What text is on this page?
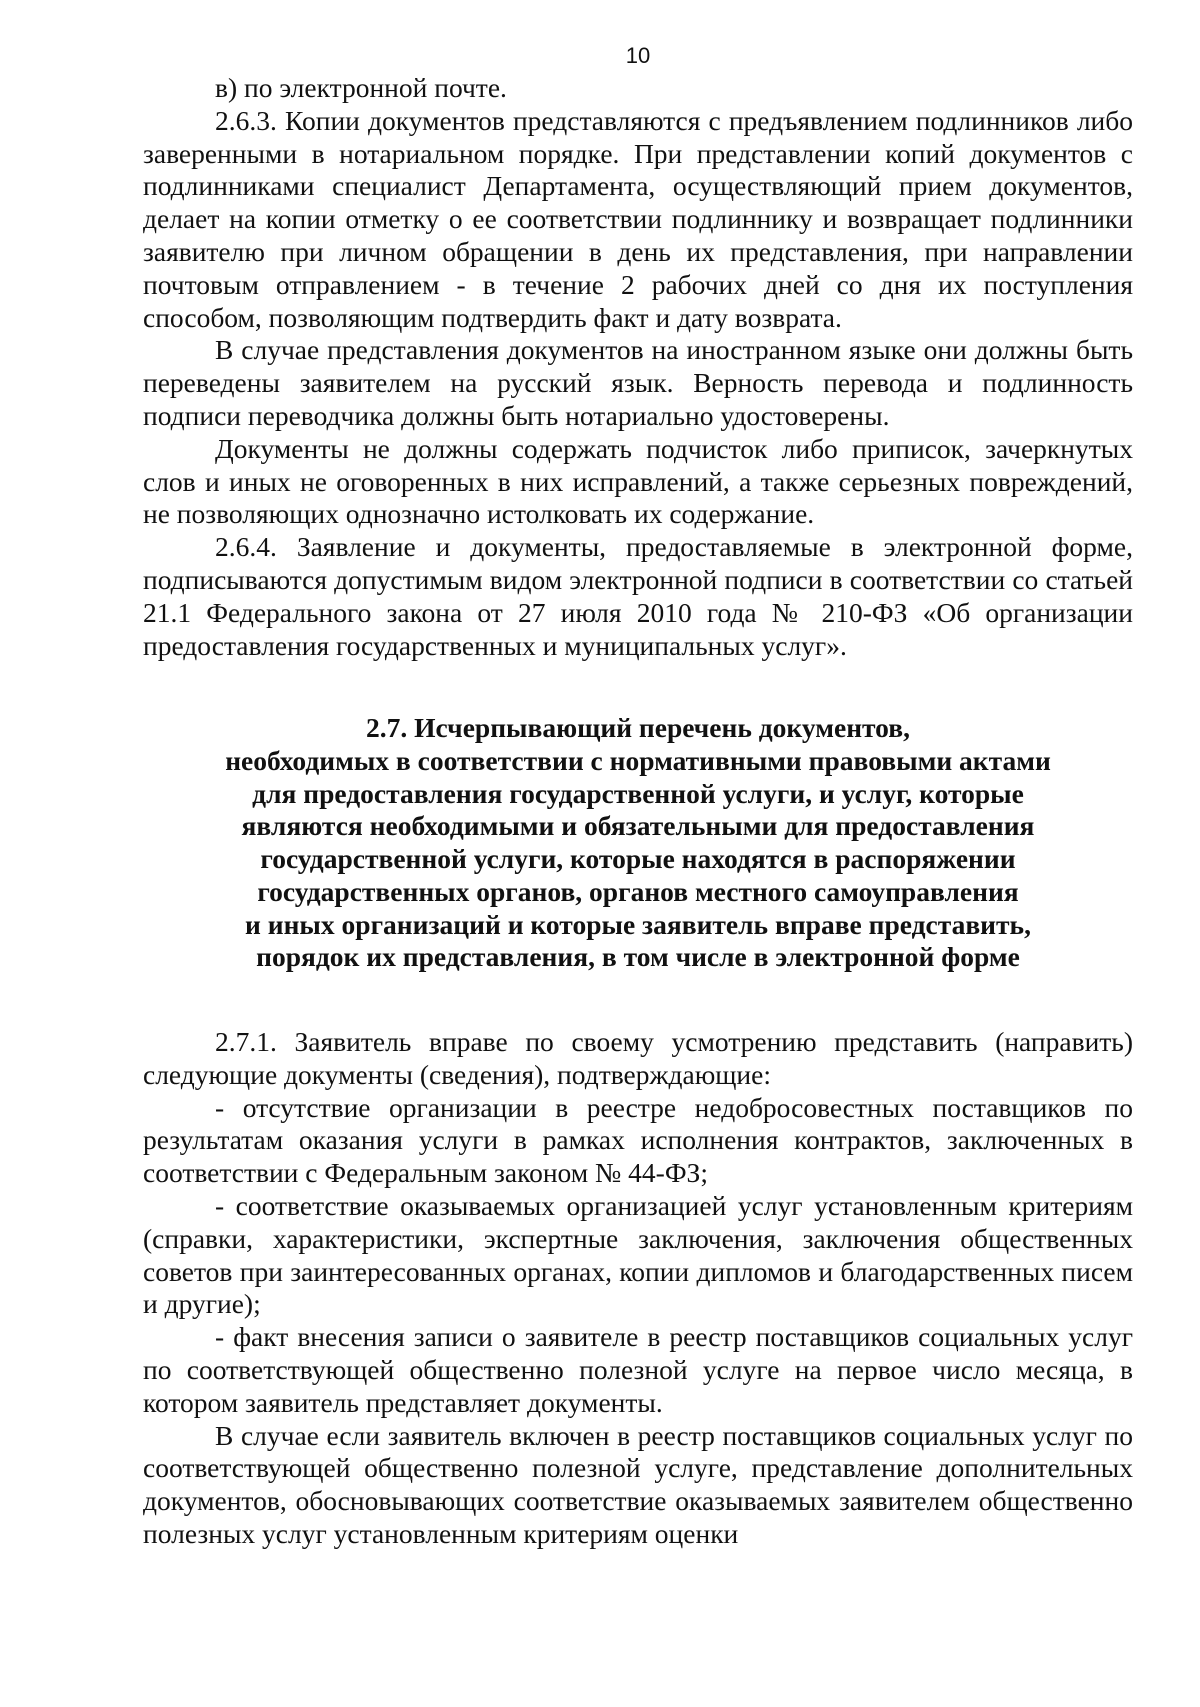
10

в) по электронной почте.

2.6.3. Копии документов представляются с предъявлением подлинников либо заверенными в нотариальном порядке. При представлении копий документов с подлинниками специалист Департамента, осуществляющий прием документов, делает на копии отметку о ее соответствии подлиннику и возвращает подлинники заявителю при личном обращении в день их представления, при направлении почтовым отправлением - в течение 2 рабочих дней со дня их поступления способом, позволяющим подтвердить факт и дату возврата.

В случае представления документов на иностранном языке они должны быть переведены заявителем на русский язык. Верность перевода и подлинность подписи переводчика должны быть нотариально удостоверены.

Документы не должны содержать подчисток либо приписок, зачеркнутых слов и иных не оговоренных в них исправлений, а также серьезных повреждений, не позволяющих однозначно истолковать их содержание.

2.6.4. Заявление и документы, предоставляемые в электронной форме, подписываются допустимым видом электронной подписи в соответствии со статьей 21.1 Федерального закона от 27 июля 2010 года № 210-ФЗ «Об организации предоставления государственных и муниципальных услуг».

2.7. Исчерпывающий перечень документов,
необходимых в соответствии с нормативными правовыми актами
для предоставления государственной услуги, и услуг, которые
являются необходимыми и обязательными для предоставления
государственной услуги, которые находятся в распоряжении
государственных органов, органов местного самоуправления
и иных организаций и которые заявитель вправе представить,
порядок их представления, в том числе в электронной форме

2.7.1. Заявитель вправе по своему усмотрению представить (направить) следующие документы (сведения), подтверждающие:

- отсутствие организации в реестре недобросовестных поставщиков по результатам оказания услуги в рамках исполнения контрактов, заключенных в соответствии с Федеральным законом № 44-ФЗ;

- соответствие оказываемых организацией услуг установленным критериям (справки, характеристики, экспертные заключения, заключения общественных советов при заинтересованных органах, копии дипломов и благодарственных писем и другие);

- факт внесения записи о заявителе в реестр поставщиков социальных услуг по соответствующей общественно полезной услуге на первое число месяца, в котором заявитель представляет документы.

В случае если заявитель включен в реестр поставщиков социальных услуг по соответствующей общественно полезной услуге, представление дополнительных документов, обосновывающих соответствие оказываемых заявителем общественно полезных услуг установленным критериям оценки
